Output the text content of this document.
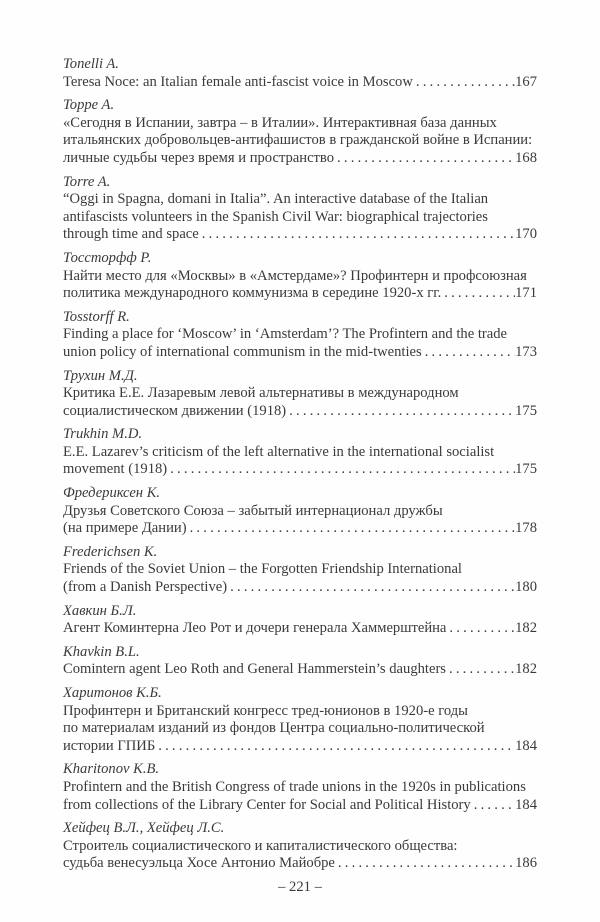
Tonelli A.
Teresa Noce: an Italian female anti-fascist voice in Moscow .....	167
Toppe A.
«Сегодня в Испании, завтра – в Италии». Интерактивная база данных
итальянских добровольцев-антифашистов в гражданской войне в Испании:
личные судьбы через время и пространство .....	168
Torre A.
“Oggi in Spagna, domani in Italia”. An interactive database of the Italian
antifascists volunteers in the Spanish Civil War: biographical trajectories
through time and space .....	170
Тоссторфф Р.
Найти место для «Москвы» в «Амстердаме»? Профинтерн и профсоюзная
политика международного коммунизма в середине 1920-х гг. .....	171
Tosstorff R.
Finding a place for ‘Moscow’ in ‘Amsterdam’? The Profintern and the trade
union policy of international communism in the mid-twenties .....	173
Трухин М.Д.
Критика Е.Е. Лазаревым левой альтернативы в международном
социалистическом движении (1918) .....	175
Trukhin M.D.
E.E. Lazarev’s criticism of the left alternative in the international socialist
movement (1918) .....	175
Фредериксен К.
Друзья Советского Союза – забытый интернационал дружбы
(на примере Дании) .....	178
Frederichsen K.
Friends of the Soviet Union – the Forgotten Friendship International
(from a Danish Perspective) .....	180
Хавкин Б.Л.
Агент Коминтерна Лео Рот и дочери генерала Хаммерштейна .....	182
Khavkin B.L.
Comintern agent Leo Roth and General Hammerstein’s daughters .....	182
Харитонов К.Б.
Профинтерн и Британский конгресс тред-юнионов в 1920-е годы
по материалам изданий из фондов Центра социально-политической
истории ГПИБ .....	184
Kharitonov K.B.
Profintern and the British Congress of trade unions in the 1920s in publications
from collections of the Library Center for Social and Political History .....	184
Хейфец В.Л., Хейфец Л.С.
Строитель социалистического и капиталистического общества:
судьба венесуэльца Хосе Антонио Майобре .....	186
– 221 –
